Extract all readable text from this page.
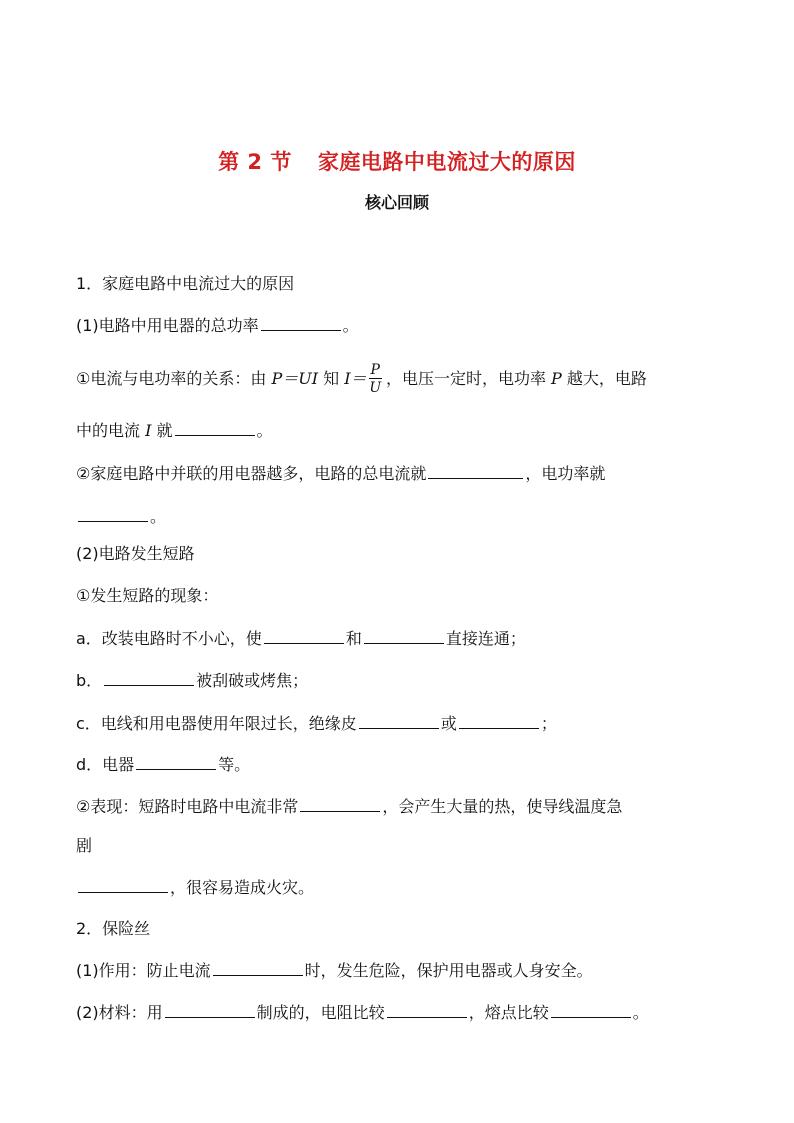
第 2 节 家庭电路中电流过大的原因
核心回顾
1．家庭电路中电流过大的原因
(1)电路中用电器的总功率	。
①电流与电功率的关系：由 P＝UI 知 $I= \frac{P}{U}$ ，电压一定时，电功率 P 越大，电路
中的电流 I 就	。
②家庭电路中并联的用电器越多，电路的总电流就	，电功率就
。
(2)电路发生短路
①发生短路的现象：
a．改装电路时不小心，使	和	直接连通；
b．	被刮破或烤焦；
c．电线和用电器使用年限过长，绝缘皮	或	；
d．电器	等。
②表现：短路时电路中电流非常	，会产生大量的热，使导线温度急
剧
，很容易造成火灾。
2．保险丝
(1)作用：防止电流	时，发生危险，保护用电器或人身安全。
(2)材料：用	制成的，电阻比较	，熔点比较	。
